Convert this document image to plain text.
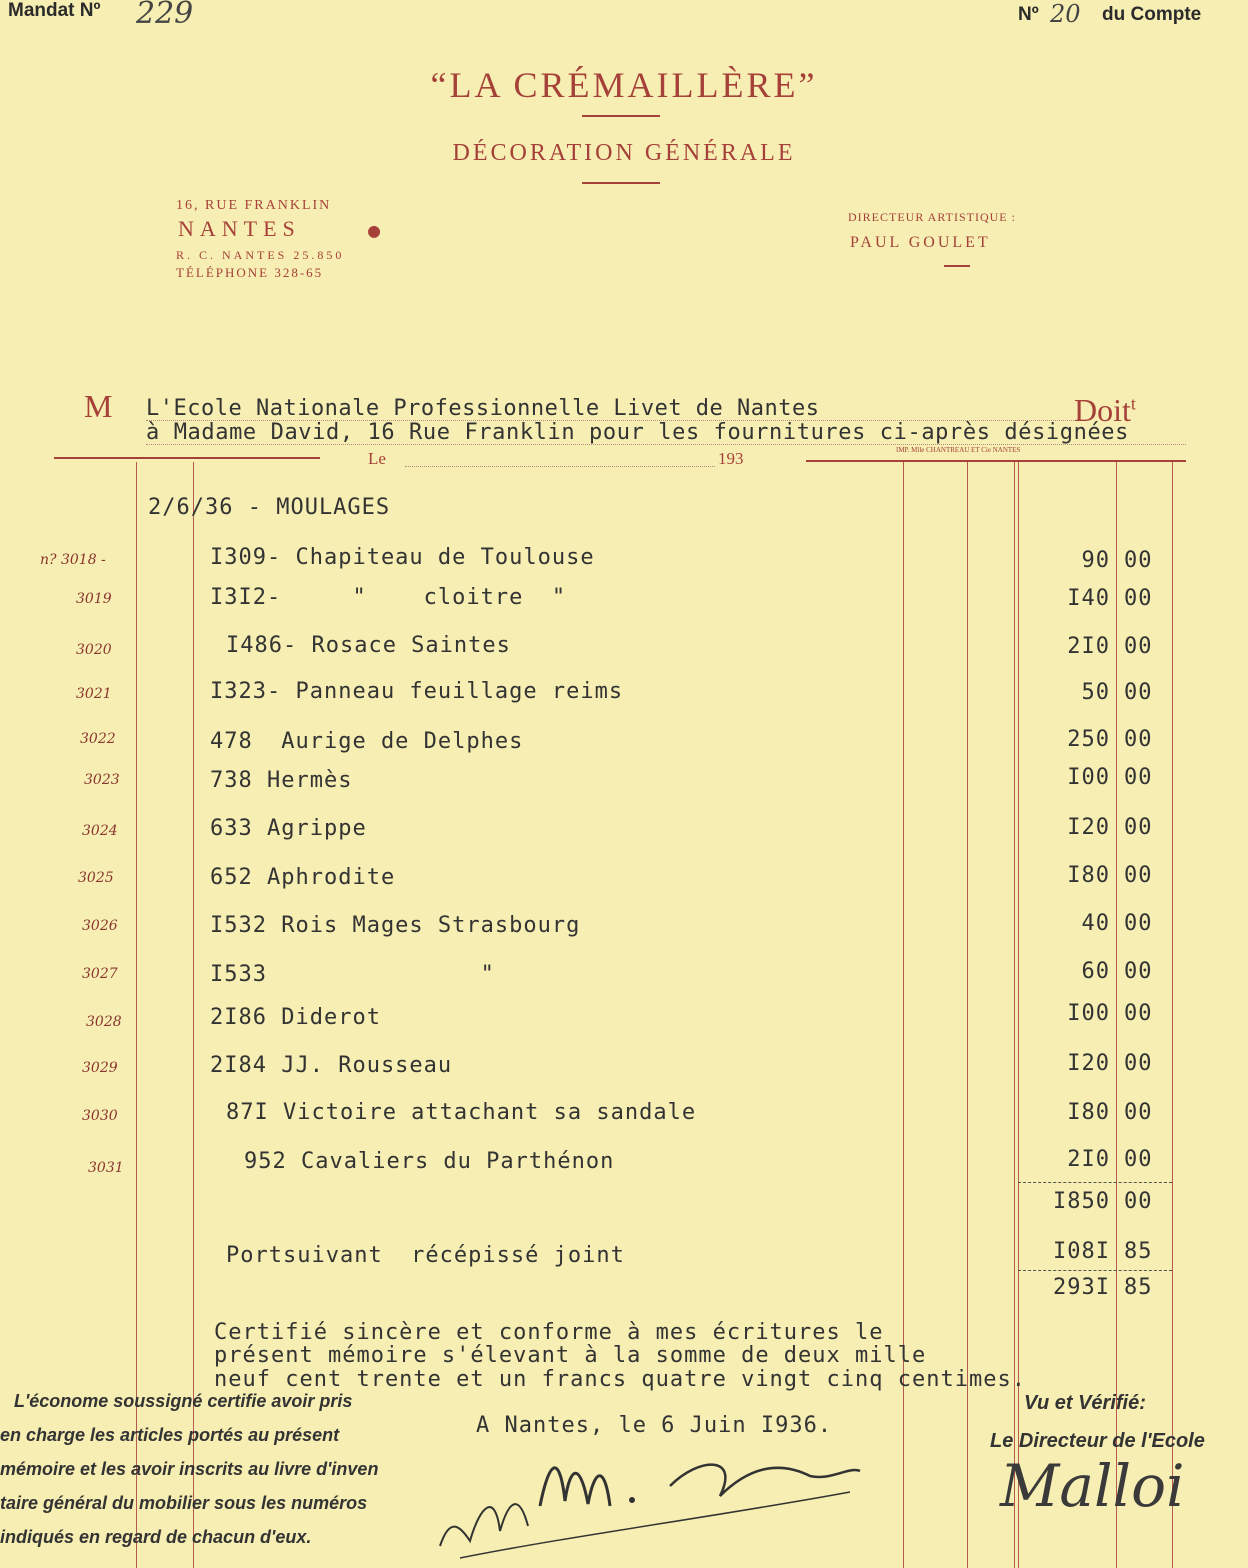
Mandat Nº 229	Nº 20 du Compte
“LA CRÉMAILLÈRE”
DÉCORATION GÉNÉRALE
16, RUE FRANKLIN
NANTES	●
R. C. NANTES 25.850
TÉLÉPHONE 328-65
DIRECTEUR ARTISTIQUE :
PAUL GOULET
M L'Ecole Nationale Professionnelle Livet de Nantes	Doit$^t$
à Madame David, 16 Rue Franklin pour les fournitures ci-après désignées
Le	193	IMP. Mlle CHANTREAU ET Cie NANTES
2/6/36 - MOULAGES
n? 3018 -	I309- Chapiteau de Toulouse	90 00
3019	I3I2-     "    cloitre  "	I40 00
3020	I486- Rosace Saintes	2I0 00
3021	I323- Panneau feuillage reims	50 00
3022	478  Aurige de Delphes	250 00
3023	738 Hermès	I00 00
3024	633 Agrippe	I20 00
3025	652 Aphrodite	I80 00
3026	I532 Rois Mages Strasbourg	40 00
3027	I533               "	60 00
3028	2I86 Diderot	I00 00
3029	2I84 JJ. Rousseau	I20 00
3030	87I Victoire attachant sa sandale	I80 00
3031	952 Cavaliers du Parthénon	2I0 00
I850 00
Portsuivant  récépissé joint	I08I 85
293I 85
Certifié sincère et conforme à mes écritures le
présent mémoire s'élevant à la somme de deux mille
neuf cent trente et un francs quatre vingt cinq centimes.
A Nantes, le 6 Juin I936.
L'économe soussigné certifie avoir pris
en charge les articles portés au présent
mémoire et les avoir inscrits au livre d'inven
taire général du mobilier sous les numéros
indiqués en regard de chacun d'eux.
Vu et Vérifié:
Le Directeur de l'Ecole
Malloi
